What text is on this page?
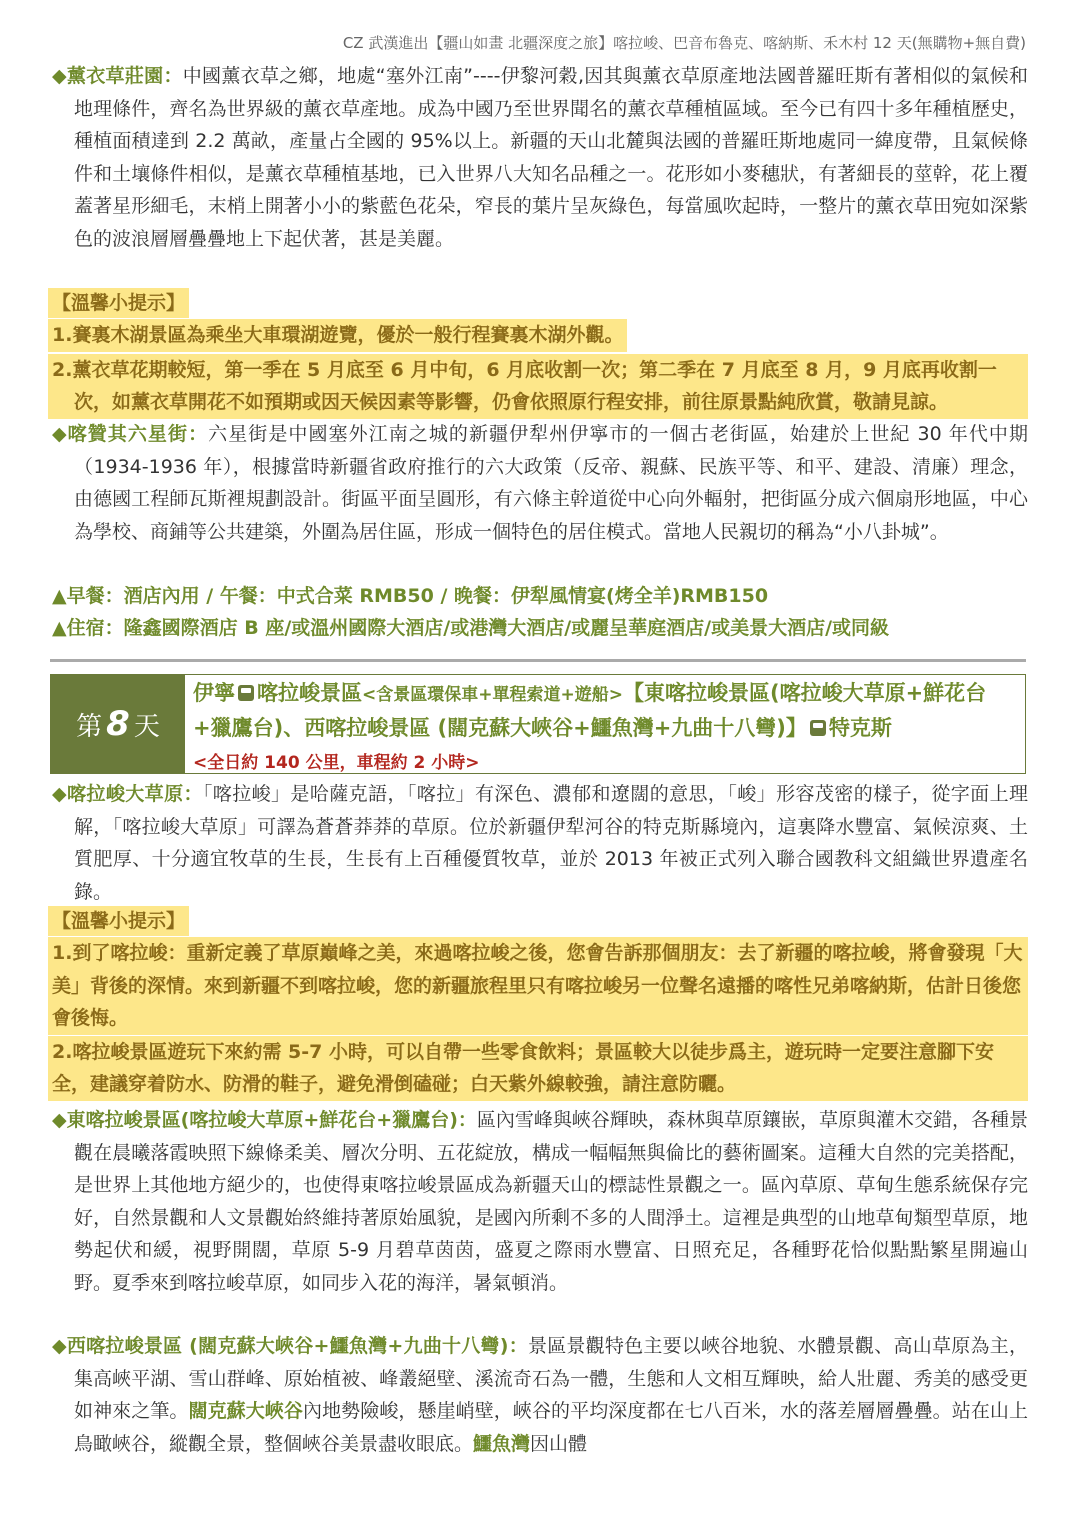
CZ 武漢進出【疆山如畫 北疆深度之旅】喀拉峻、巴音布魯克、喀納斯、禾木村 12 天(無購物+無自費)

◆薰衣草莊園：中國薰衣草之鄉，地處“塞外江南”----伊黎河穀,因其與薰衣草原產地法國普羅旺斯有著相似的氣候和地理條件，齊名為世界級的薰衣草產地。成為中國乃至世界聞名的薰衣草種植區域。至今已有四十多年種植歷史，種植面積達到 2.2 萬畝，產量占全國的 95%以上。新疆的天山北麓與法國的普羅旺斯地處同一緯度帶，且氣候條件和土壤條件相似，是薰衣草種植基地，已入世界八大知名品種之一。花形如小麥穗狀，有著細長的莖幹，花上覆蓋著星形細毛，末梢上開著小小的紫藍色花朵，窄長的葉片呈灰綠色，每當風吹起時，一整片的薰衣草田宛如深紫色的波浪層層疊疊地上下起伏著，甚是美麗。

【溫馨小提示】
1.賽裏木湖景區為乘坐大車環湖遊覽，優於一般行程賽裏木湖外觀。
2.薰衣草花期較短，第一季在 5 月底至 6 月中旬，6 月底收割一次；第二季在 7 月底至 8 月，9 月底再收割一次，如薰衣草開花不如預期或因天候因素等影響，仍會依照原行程安排，前往原景點純欣賞，敬請見諒。

◆喀贊其六星街：六星街是中國塞外江南之城的新疆伊犁州伊寧市的一個古老街區，始建於上世紀 30 年代中期（1934-1936 年），根據當時新疆省政府推行的六大政策（反帝、親蘇、民族平等、和平、建設、清廉）理念，由德國工程師瓦斯裡規劃設計。街區平面呈圓形，有六條主幹道從中心向外輻射，把街區分成六個扇形地區，中心為學校、商鋪等公共建築，外圍為居住區，形成一個特色的居住模式。當地人民親切的稱為“小八卦城”。

▲早餐：酒店內用 / 午餐：中式合菜 RMB50 / 晚餐：伊犁風情宴(烤全羊)RMB150
▲住宿：隆鑫國際酒店 B 座/或溫州國際大酒店/或港灣大酒店/或麗呈華庭酒店/或美景大酒店/或同級
第 8 天
伊寧 喀拉峻景區<含景區環保車+單程索道+遊船>【東喀拉峻景區(喀拉峻大草原+鮮花台+獵鷹台)、西喀拉峻景區 (闊克蘇大峽谷+鱷魚灣+九曲十八彎)】 特克斯
<全日約 140 公里，車程約 2 小時>

◆喀拉峻大草原：「喀拉峻」是哈薩克語，「喀拉」有深色、濃郁和遼闊的意思，「峻」形容茂密的樣子，從字面上理解，「喀拉峻大草原」可譯為蒼蒼莽莽的草原。位於新疆伊犁河谷的特克斯縣境內，這裏降水豐富、氣候涼爽、土質肥厚、十分適宜牧草的生長，生長有上百種優質牧草，並於 2013 年被正式列入聯合國教科文組織世界遺產名錄。

【溫馨小提示】
1.到了喀拉峻：重新定義了草原巔峰之美，來過喀拉峻之後，您會告訴那個朋友：去了新疆的喀拉峻，將會發現「大美」背後的深情。來到新疆不到喀拉峻，您的新疆旅程里只有喀拉峻另一位聲名遠播的喀性兄弟喀納斯，估計日後您會後悔。
2.喀拉峻景區遊玩下來約需 5-7 小時，可以自帶一些零食飲料；景區較大以徒步爲主，遊玩時一定要注意腳下安全，建議穿着防水、防滑的鞋子，避免滑倒磕碰；白天紫外線較強，請注意防曬。

◆東喀拉峻景區(喀拉峻大草原+鮮花台+獵鷹台)：區內雪峰與峽谷輝映，森林與草原鑲嵌，草原與灌木交錯，各種景觀在晨曦落霞映照下線條柔美、層次分明、五花綻放，構成一幅幅無與倫比的藝術圖案。這種大自然的完美搭配，是世界上其他地方絕少的，也使得東喀拉峻景區成為新疆天山的標誌性景觀之一。區內草原、草甸生態系統保存完好，自然景觀和人文景觀始終維持著原始風貌，是國內所剩不多的人間淨土。這裡是典型的山地草甸類型草原，地勢起伏和緩，視野開闊，草原 5-9 月碧草茵茵，盛夏之際雨水豐富、日照充足，各種野花恰似點點繁星開遍山野。夏季來到喀拉峻草原，如同步入花的海洋，暑氣頓消。

◆西喀拉峻景區 (闊克蘇大峽谷+鱷魚灣+九曲十八彎)：景區景觀特色主要以峽谷地貌、水體景觀、高山草原為主，集高峽平湖、雪山群峰、原始植被、峰叢絕壁、溪流奇石為一體，生態和人文相互輝映，給人壯麗、秀美的感受更如神來之筆。闊克蘇大峽谷內地勢險峻，懸崖峭壁，峽谷的平均深度都在七八百米，水的落差層層疊疊。站在山上鳥瞰峽谷，縱觀全景，整個峽谷美景盡收眼底。鱷魚灣因山體
